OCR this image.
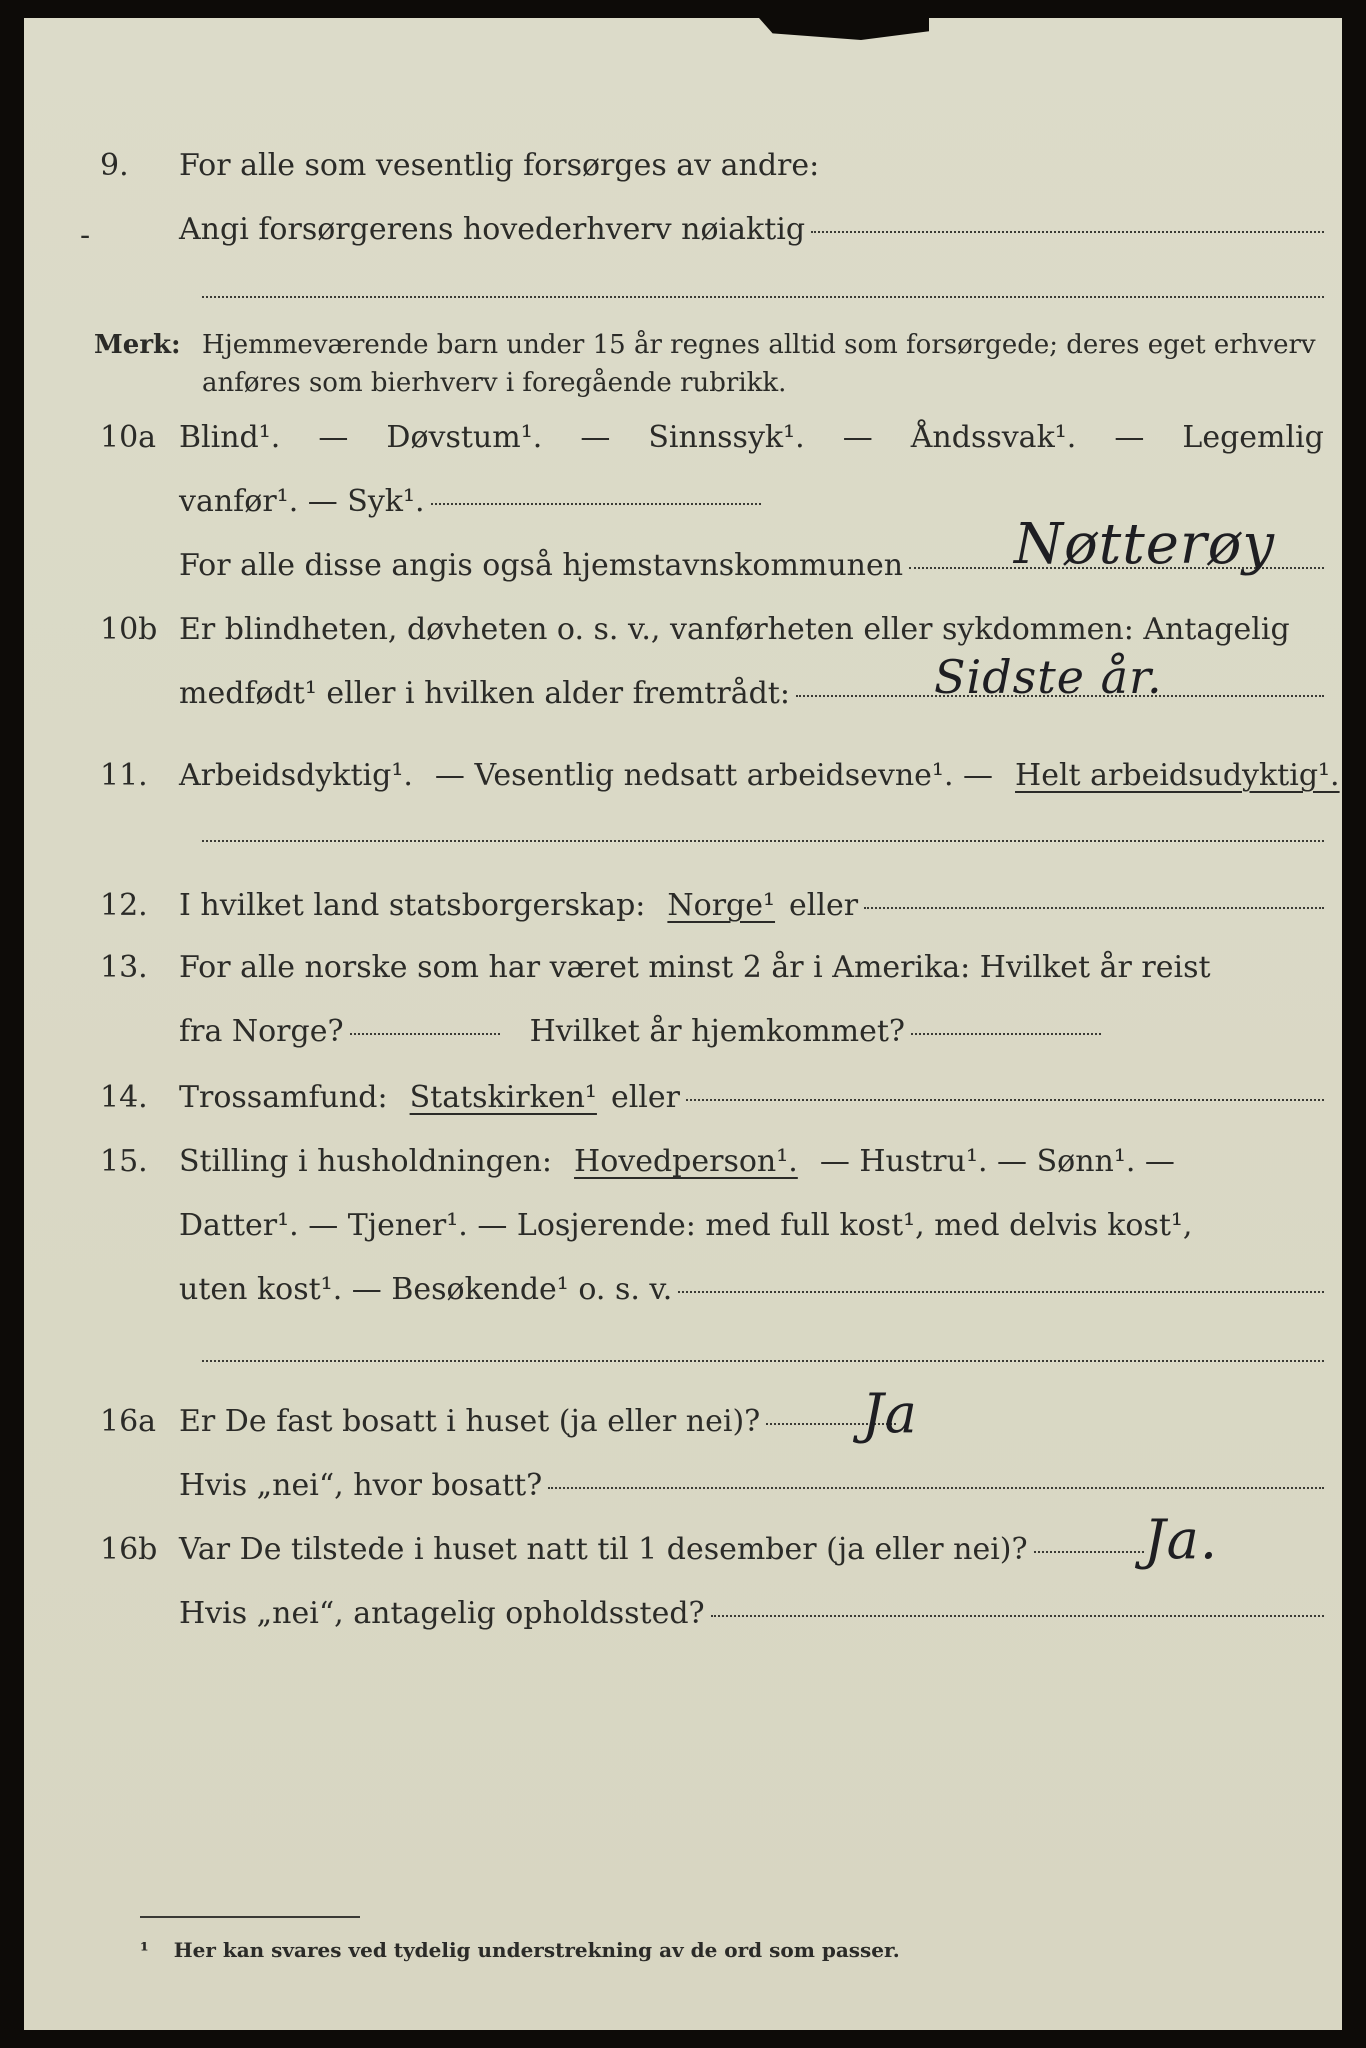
9. For alle som vesentlig forsørges av andre:
-	Angi forsørgerens hovederhverv nøiaktig
Merk: Hjemmeværende barn under 15 år regnes alltid som forsørgede; deres eget erhverv
anføres som bierhverv i foregående rubrikk.
10a Blind¹. — Døvstum¹. — Sinnssyk¹. — Åndssvak¹. — Legemlig
vanfør¹. — Syk¹.
For alle disse angis også hjemstavnskommunen Nøtterøy
10b Er blindheten, døvheten o. s. v., vanførheten eller sykdommen: Antagelig
medfødt¹ eller i hvilken alder fremtrådt:	Sidste år.
11. Arbeidsdyktig¹. — Vesentlig nedsatt arbeidsevne¹. — Helt arbeidsudyktig¹.
12. I hvilket land statsborgerskap: Norge¹ eller
13. For alle norske som har været minst 2 år i Amerika: Hvilket år reist
fra Norge?	Hvilket år hjemkommet?
14. Trossamfund: Statskirken¹ eller
15. Stilling i husholdningen: Hovedperson¹. — Hustru¹. — Sønn¹. —
Datter¹. — Tjener¹. — Losjerende: med full kost¹, med delvis kost¹,
uten kost¹. — Besøkende¹ o. s. v.
16a Er De fast bosatt i huset (ja eller nei)? Ja
Hvis „nei“, hvor bosatt?
16b Var De tilstede i huset natt til 1 desember (ja eller nei)? Ja.
Hvis „nei“, antagelig opholdssted?
¹ Her kan svares ved tydelig understrekning av de ord som passer.
